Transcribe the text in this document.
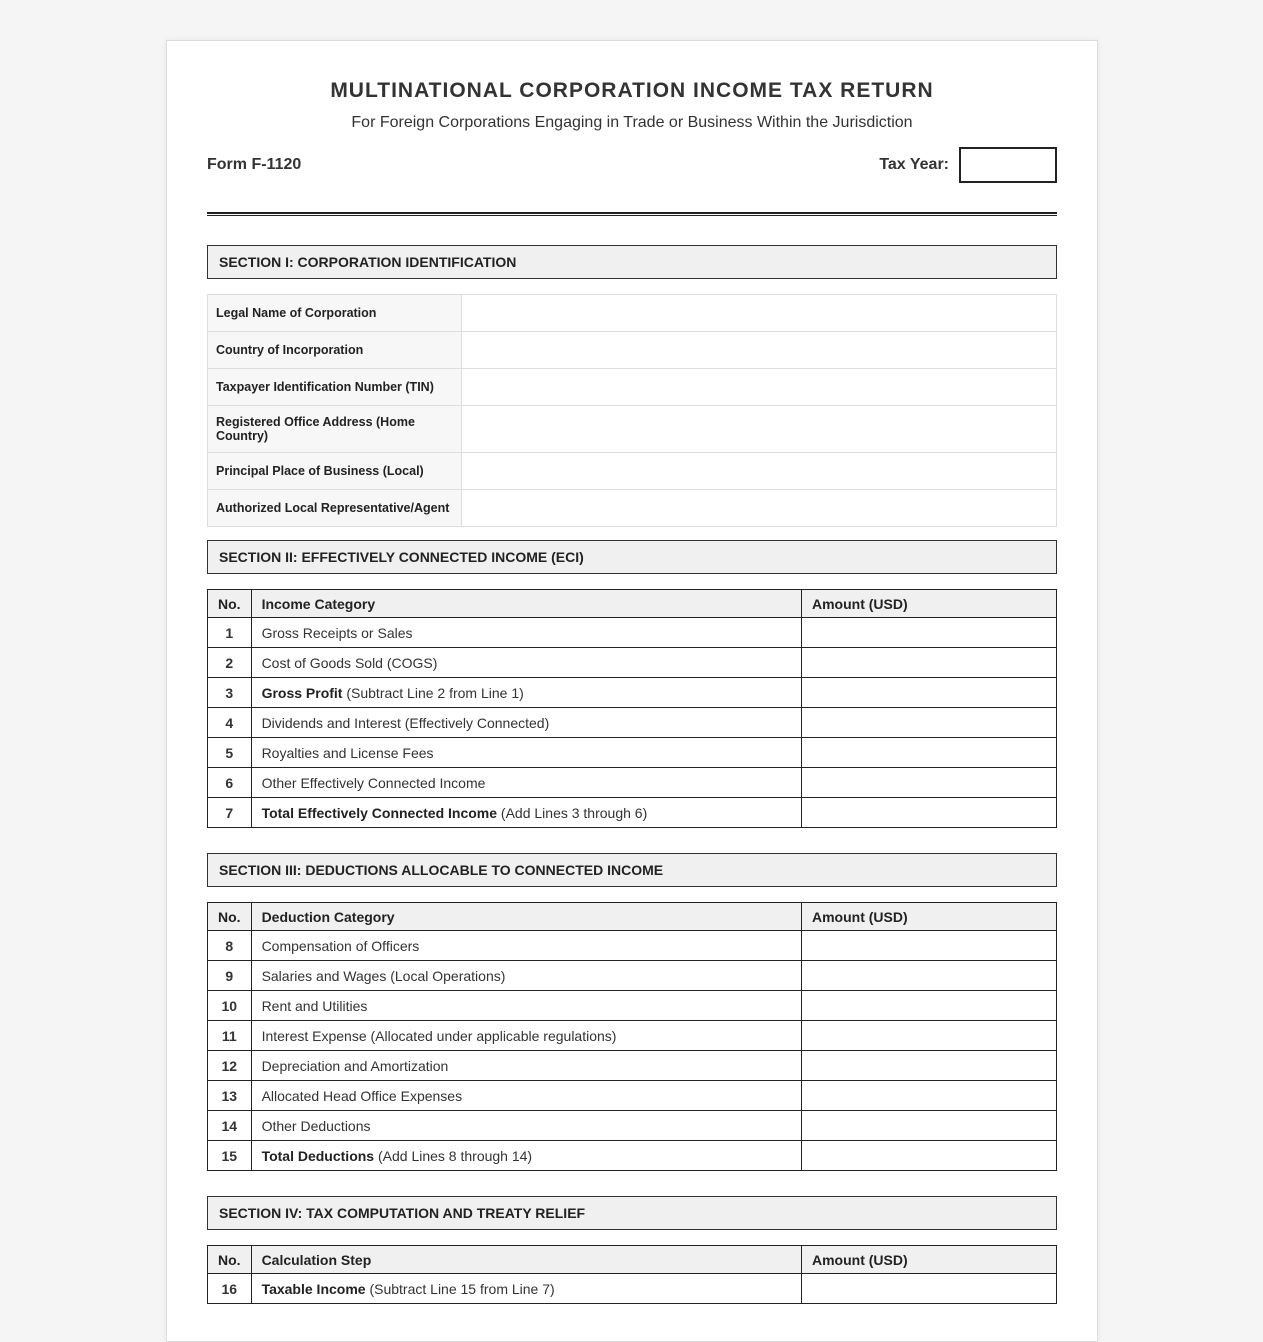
MULTINATIONAL CORPORATION INCOME TAX RETURN
For Foreign Corporations Engaging in Trade or Business Within the Jurisdiction
Form F-1120	Tax Year:
SECTION I: CORPORATION IDENTIFICATION
Legal Name of Corporation	
Country of Incorporation	
Taxpayer Identification Number (TIN)	
Registered Office Address (Home Country)	
Principal Place of Business (Local)	
Authorized Local Representative/Agent	
SECTION II: EFFECTIVELY CONNECTED INCOME (ECI)
No.	Income Category	Amount (USD)
1	Gross Receipts or Sales	
2	Cost of Goods Sold (COGS)	
3	Gross Profit (Subtract Line 2 from Line 1)	
4	Dividends and Interest (Effectively Connected)	
5	Royalties and License Fees	
6	Other Effectively Connected Income	
7	Total Effectively Connected Income (Add Lines 3 through 6)	
SECTION III: DEDUCTIONS ALLOCABLE TO CONNECTED INCOME
No.	Deduction Category	Amount (USD)
8	Compensation of Officers	
9	Salaries and Wages (Local Operations)	
10	Rent and Utilities	
11	Interest Expense (Allocated under applicable regulations)	
12	Depreciation and Amortization	
13	Allocated Head Office Expenses	
14	Other Deductions	
15	Total Deductions (Add Lines 8 through 14)	
SECTION IV: TAX COMPUTATION AND TREATY RELIEF
No.	Calculation Step	Amount (USD)
16	Taxable Income (Subtract Line 15 from Line 7)	
